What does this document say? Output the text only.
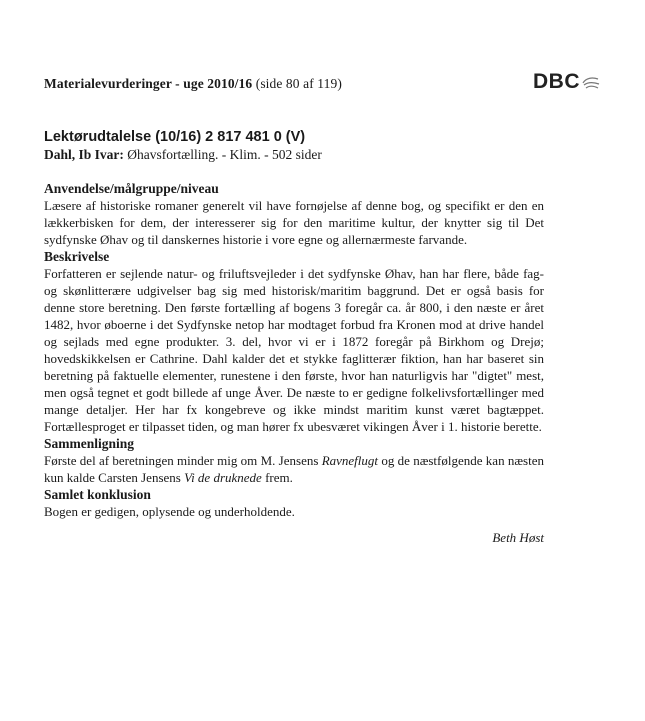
Materialevurderinger - uge 2010/16 (side 80 af 119)	DBC
Lektørudtalelse (10/16) 2 817 481 0 (V)
Dahl, Ib Ivar: Øhavsfortælling. - Klim. - 502 sider
Anvendelse/målgruppe/niveau

Læsere af historiske romaner generelt vil have fornøjelse af denne bog, og specifikt er den en lækkerbisken for dem, der interesserer sig for den maritime kultur, der knytter sig til Det sydfynske Øhav og til danskernes historie i vore egne og allernærmeste farvande.

Beskrivelse

Forfatteren er sejlende natur- og friluftsvejleder i det sydfynske Øhav, han har flere, både fag- og skønlitterære udgivelser bag sig med historisk/maritim baggrund. Det er også basis for denne store beretning. Den første fortælling af bogens 3 foregår ca. år 800, i den næste er året 1482, hvor øboerne i det Sydfynske netop har modtaget forbud fra Kronen mod at drive handel og sejlads med egne produkter. 3. del, hvor vi er i 1872 foregår på Birkhom og Drejø; hovedskikkelsen er Cathrine. Dahl kalder det et stykke faglitterær fiktion, han har baseret sin beretning på faktuelle elementer, runestene i den første, hvor han naturligvis har "digtet" mest, men også tegnet et godt billede af unge Åver. De næste to er gedigne folkelivsfortællinger med mange detaljer. Her har fx kongebreve og ikke mindst maritim kunst været bagtæppet. Fortællesproget er tilpasset tiden, og man hører fx ubesværet vikingen Åver i 1. historie berette.

Sammenligning

Første del af beretningen minder mig om M. Jensens Ravneflugt og de næstfølgende kan næsten kun kalde Carsten Jensens Vi de druknede frem.

Samlet konklusion

Bogen er gedigen, oplysende og underholdende.

Beth Høst
